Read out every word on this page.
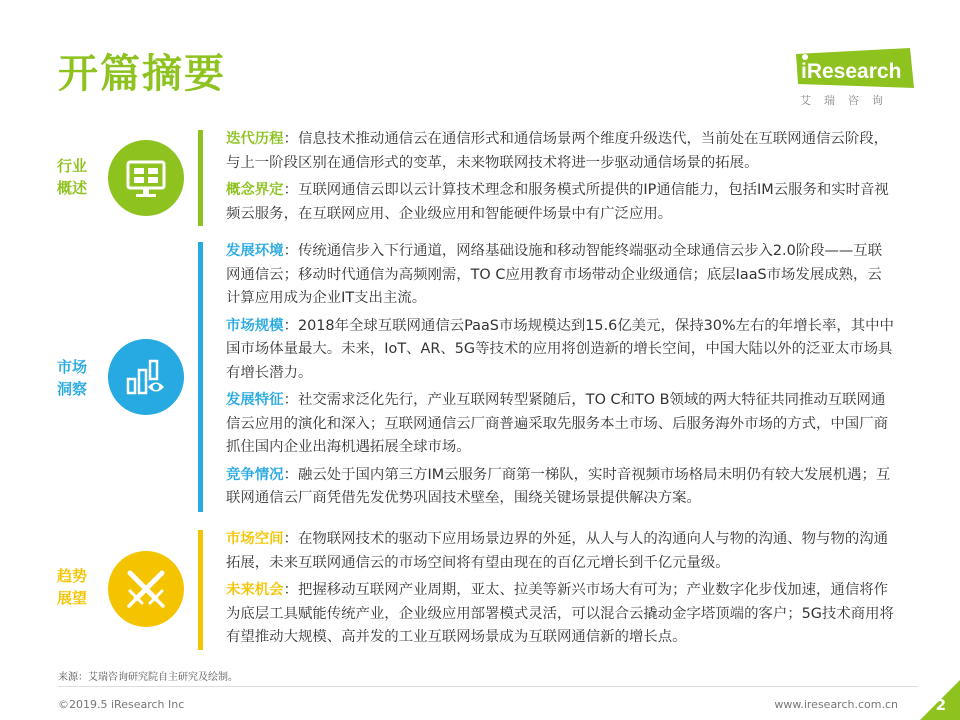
开篇摘要	iResearch
艾瑞咨询
行业
概述
迭代历程：信息技术推动通信云在通信形式和通信场景两个维度升级迭代，当前处在互联网通信云阶段，与上一阶段区别在通信形式的变革，未来物联网技术将进一步驱动通信场景的拓展。
概念界定：互联网通信云即以云计算技术理念和服务模式所提供的IP通信能力，包括IM云服务和实时音视频云服务，在互联网应用、企业级应用和智能硬件场景中有广泛应用。
市场
洞察
发展环境：传统通信步入下行通道，网络基础设施和移动智能终端驱动全球通信云步入2.0阶段——互联网通信云；移动时代通信为高频刚需，TO C应用教育市场带动企业级通信；底层IaaS市场发展成熟，云计算应用成为企业IT支出主流。
市场规模：2018年全球互联网通信云PaaS市场规模达到15.6亿美元，保持30%左右的年增长率，其中中国市场体量最大。未来，IoT、AR、5G等技术的应用将创造新的增长空间，中国大陆以外的泛亚太市场具有增长潜力。
发展特征：社交需求泛化先行，产业互联网转型紧随后，TO C和TO B领域的两大特征共同推动互联网通信云应用的演化和深入；互联网通信云厂商普遍采取先服务本土市场、后服务海外市场的方式，中国厂商抓住国内企业出海机遇拓展全球市场。
竞争情况：融云处于国内第三方IM云服务厂商第一梯队，实时音视频市场格局未明仍有较大发展机遇；互联网通信云厂商凭借先发优势巩固技术壁垒，围绕关键场景提供解决方案。
趋势
展望
市场空间：在物联网技术的驱动下应用场景边界的外延，从人与人的沟通向人与物的沟通、物与物的沟通拓展，未来互联网通信云的市场空间将有望由现在的百亿元增长到千亿元量级。
未来机会：把握移动互联网产业周期，亚太、拉美等新兴市场大有可为；产业数字化步伐加速，通信将作为底层工具赋能传统产业，企业级应用部署模式灵活，可以混合云撬动金字塔顶端的客户；5G技术商用将有望推动大规模、高并发的工业互联网场景成为互联网通信新的增长点。
来源：艾瑞咨询研究院自主研究及绘制。
©2019.5 iResearch Inc	www.iresearch.com.cn	2
